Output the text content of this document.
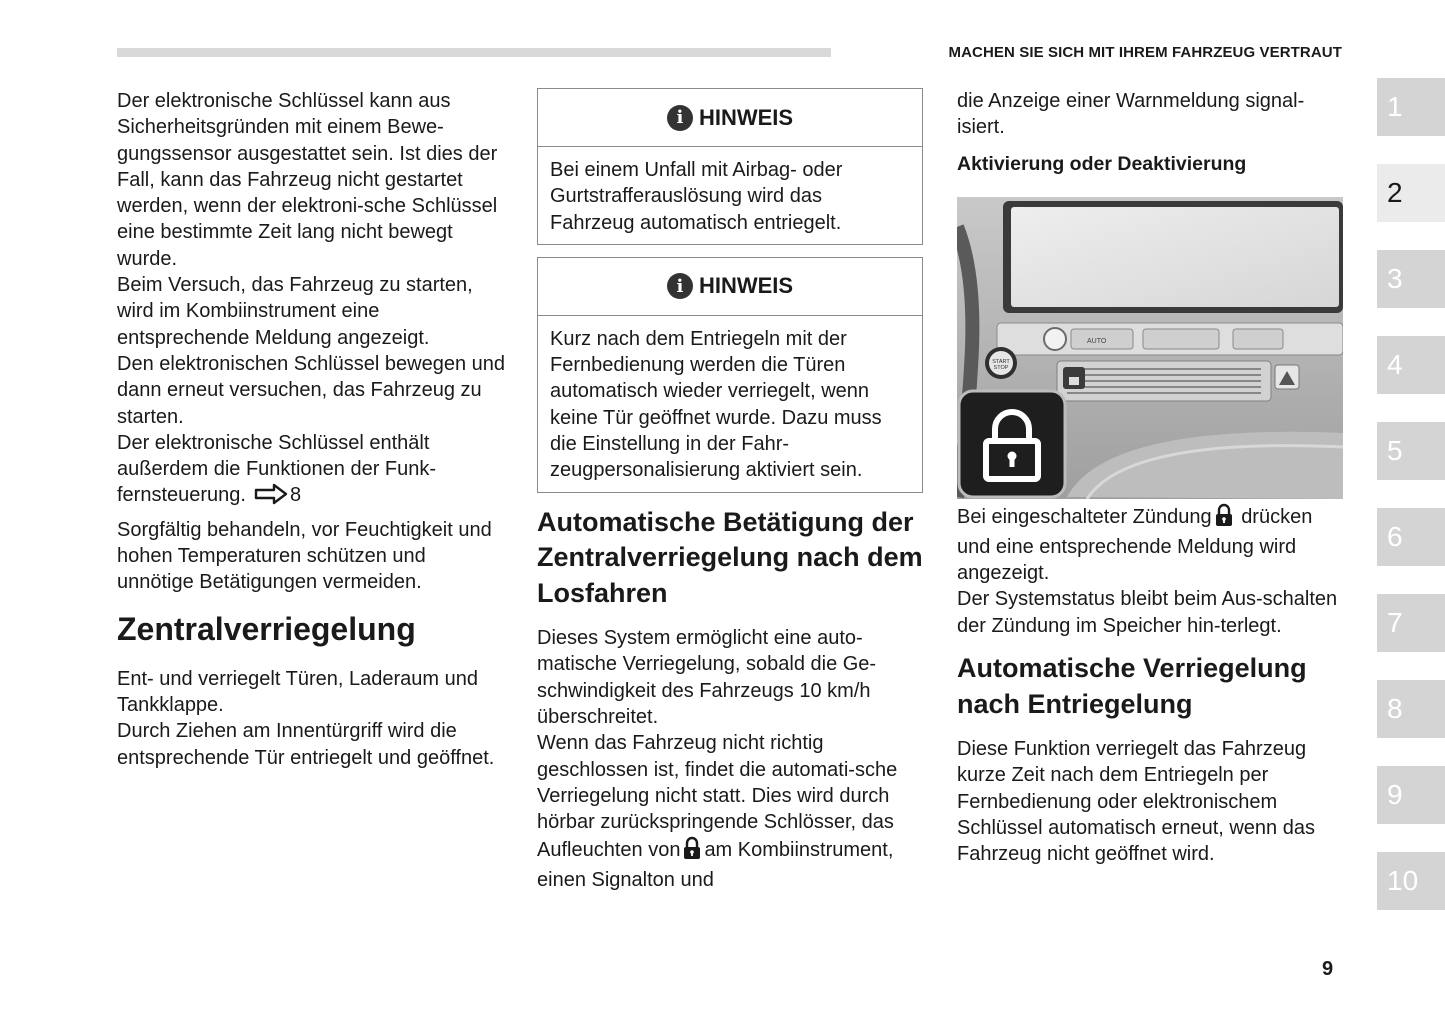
MACHEN SIE SICH MIT IHREM FAHRZEUG VERTRAUT

Der elektronische Schlüssel kann aus Sicherheitsgründen mit einem Bewe-gungssensor ausgestattet sein. Ist dies der Fall, kann das Fahrzeug nicht gestartet werden, wenn der elektroni-sche Schlüssel eine bestimmte Zeit lang nicht bewegt wurde.

Beim Versuch, das Fahrzeug zu starten, wird im Kombiinstrument eine entsprechende Meldung angezeigt.

Den elektronischen Schlüssel bewegen und dann erneut versuchen, das Fahrzeug zu starten.

Der elektronische Schlüssel enthält außerdem die Funktionen der Funk-fernsteuerung. 8

Sorgfältig behandeln, vor Feuchtigkeit und hohen Temperaturen schützen und unnötige Betätigungen vermeiden.

Zentralverriegelung

Ent- und verriegelt Türen, Laderaum und Tankklappe.

Durch Ziehen am Innentürgriff wird die entsprechende Tür entriegelt und geöffnet.

i HINWEIS

Bei einem Unfall mit Airbag- oder Gurtstrafferauslösung wird das Fahrzeug automatisch entriegelt.

i HINWEIS

Kurz nach dem Entriegeln mit der Fernbedienung werden die Türen automatisch wieder verriegelt, wenn keine Tür geöffnet wurde. Dazu muss die Einstellung in der Fahr-zeugpersonalisierung aktiviert sein.

Automatische Betätigung der Zentralverriegelung nach dem Losfahren

Dieses System ermöglicht eine auto-matische Verriegelung, sobald die Ge-schwindigkeit des Fahrzeugs 10 km/h überschreitet.

Wenn das Fahrzeug nicht richtig geschlossen ist, findet die automati-sche Verriegelung nicht statt. Dies wird durch hörbar zurückspringende Schlösser, das Aufleuchten von am Kombiinstrument, einen Signalton und

die Anzeige einer Warnmeldung signal-isiert.

Aktivierung oder Deaktivierung
AUTO
START
STOP

Bei eingeschalteter Zündung drücken und eine entsprechende Meldung wird angezeigt.

Der Systemstatus bleibt beim Aus-schalten der Zündung im Speicher hin-terlegt.

Automatische Verriegelung nach Entriegelung

Diese Funktion verriegelt das Fahrzeug kurze Zeit nach dem Entriegeln per Fernbedienung oder elektronischem Schlüssel automatisch erneut, wenn das Fahrzeug nicht geöffnet wird.

1
2
3
4
5
6
7
8
9
10
9
